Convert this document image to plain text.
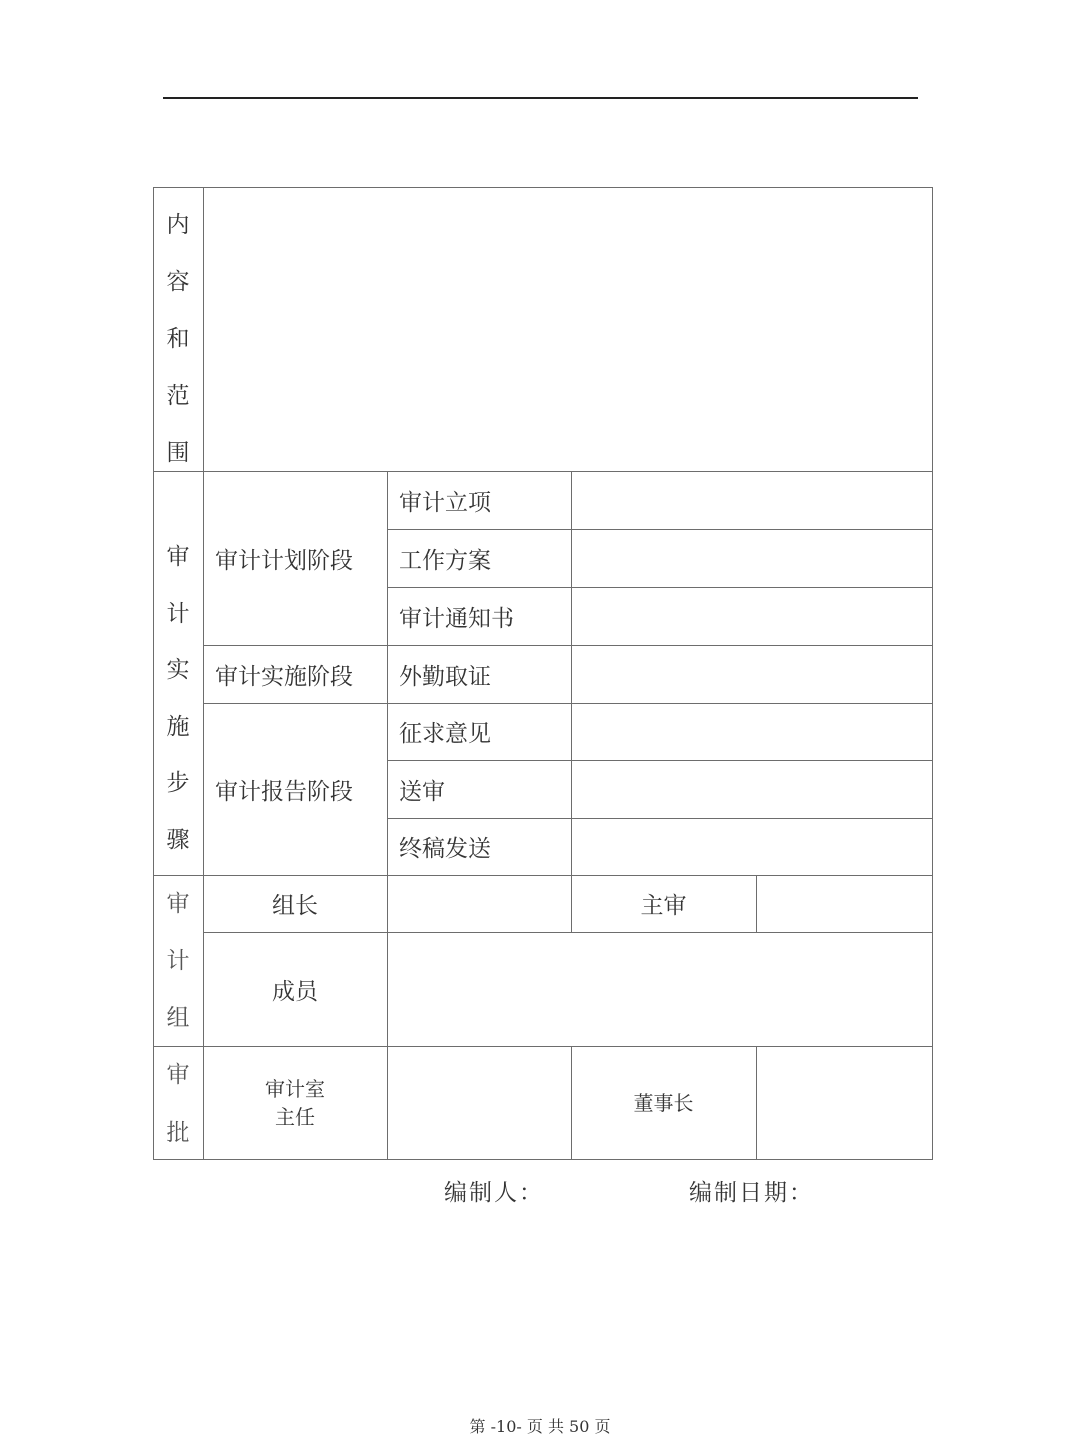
内
容
和
范
围
审
计
实
施
步
骤
审计计划阶段
审计实施阶段
审计报告阶段
审计立项
工作方案
审计通知书
外勤取证
征求意见
送审
终稿发送
审
计
组
组长	主审
成员
审
批
审计室
主任
董事长
编制人：	编制日期：
第 -10- 页 共 50 页
